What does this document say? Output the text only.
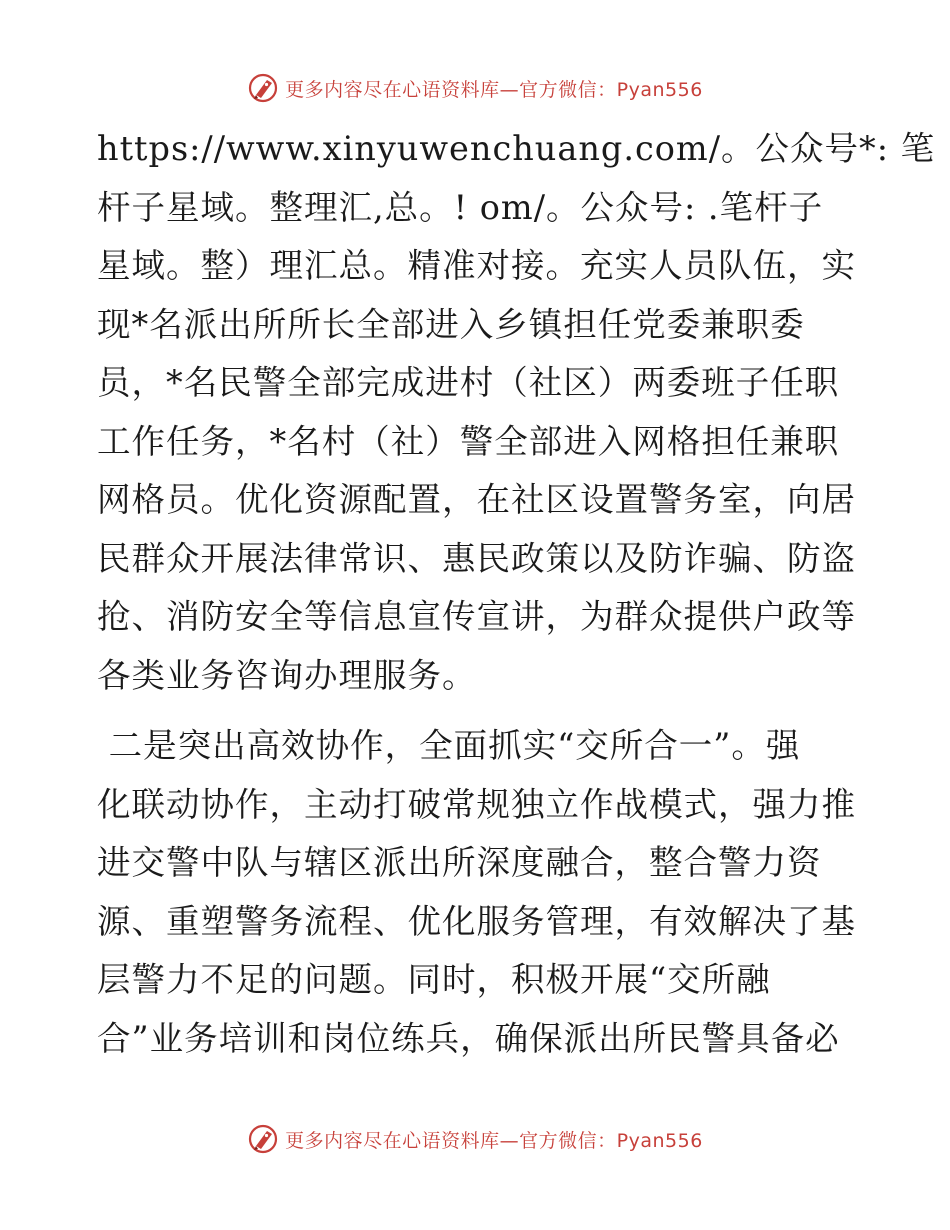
更多内容尽在心语资料库—官方微信：Pyan556

https://www.xinyuwenchuang.com/。公众号*: 笔
杆子星域。整理汇,总。! om/。公众号: .笔杆子
星域。整）理汇总。精准对接。充实人员队伍，实
现*名派出所所长全部进入乡镇担任党委兼职委
员，*名民警全部完成进村（社区）两委班子任职
工作任务，*名村（社）警全部进入网格担任兼职
网格员。优化资源配置，在社区设置警务室，向居
民群众开展法律常识、惠民政策以及防诈骗、防盗
抢、消防安全等信息宣传宣讲，为群众提供户政等
各类业务咨询办理服务。

二是突出高效协作，全面抓实“交所合一”。强
化联动协作，主动打破常规独立作战模式，强力推
进交警中队与辖区派出所深度融合，整合警力资
源、重塑警务流程、优化服务管理，有效解决了基
层警力不足的问题。同时，积极开展“交所融
合”业务培训和岗位练兵，确保派出所民警具备必

更多内容尽在心语资料库—官方微信：Pyan556
